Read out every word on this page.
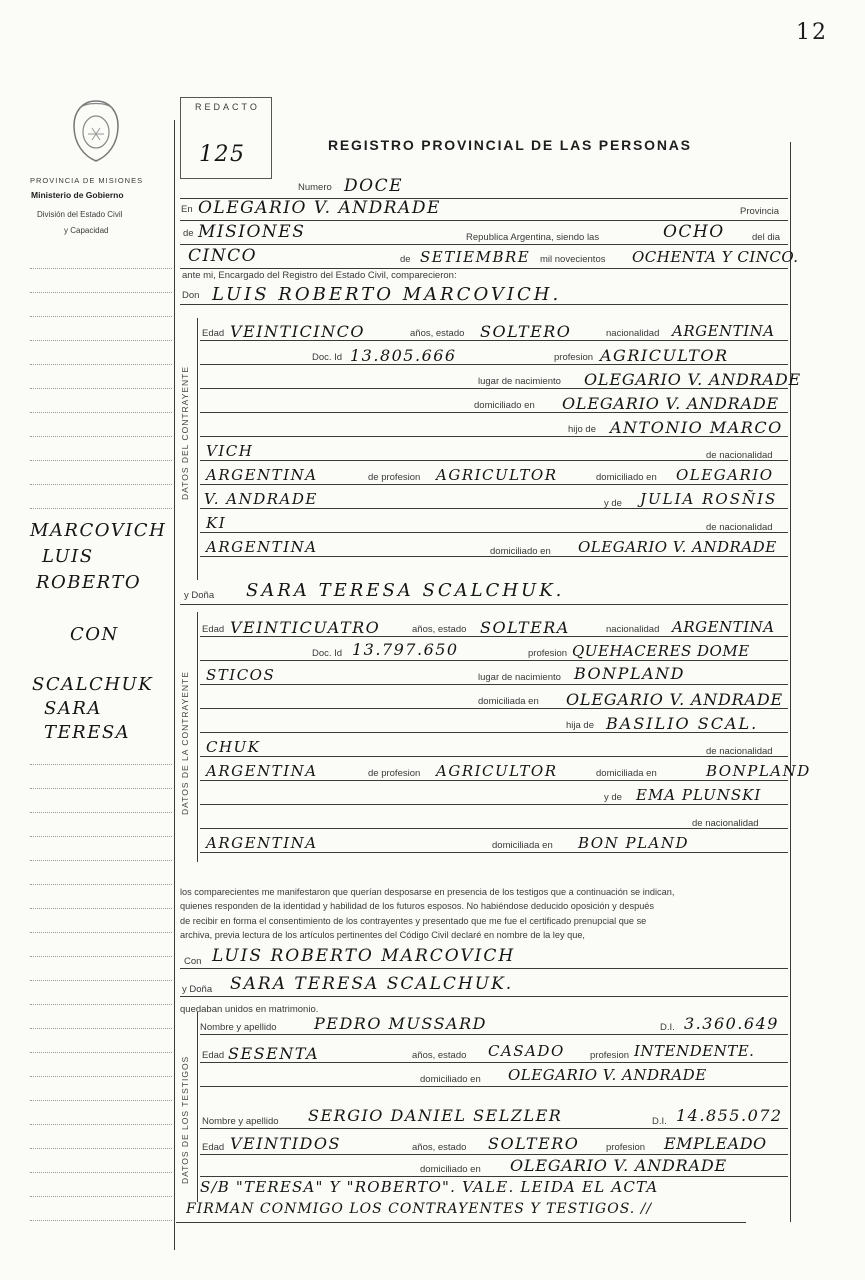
12
PROVINCIA DE MISIONES
Ministerio de Gobierno
División del Estado Civil
y Capacidad
REDACTO
125	REGISTRO PROVINCIAL DE LAS PERSONAS
DATOS DEL CONTRAYENTE
DATOS DE LA CONTRAYENTE
DATOS DE LOS TESTIGOS
MARCOVICH
LUIS
ROBERTO
CON
SCALCHUK
SARA
TERESA
Numero DOCE
En OLEGARIO V. ANDRADE	Provincia
de MISIONES	Republica Argentina, siendo las	OCHO	del dia
CINCO	de SETIEMBRE mil novecientos OCHENTA Y CINCO.
ante mi, Encargado del Registro del Estado Civil, comparecieron:
Don LUIS ROBERTO MARCOVICH.
Edad VEINTICINCO	años, estado SOLTERO	nacionalidad ARGENTINA
Doc. Id 13.805.666	profesion AGRICULTOR
lugar de nacimiento OLEGARIO V. ANDRADE
domiciliado en OLEGARIO V. ANDRADE
hijo de ANTONIO MARCO
VICH	de nacionalidad
ARGENTINA	de profesion AGRICULTOR	domiciliado en OLEGARIO
V. ANDRADE	y de JULIA ROSÑIS
KI	de nacionalidad
ARGENTINA	domiciliado en OLEGARIO V. ANDRADE
y Doña SARA TERESA SCALCHUK.
Edad VEINTICUATRO	años, estado SOLTERA	nacionalidad ARGENTINA
Doc. Id 13.797.650	profesion QUEHACERES DOME
STICOS	lugar de nacimiento BONPLAND
domiciliada en OLEGARIO V. ANDRADE
hija de BASILIO SCAL.
CHUK	de nacionalidad
ARGENTINA	de profesion AGRICULTOR	domiciliada en	BONPLAND
y de EMA PLUNSKI
de nacionalidad
ARGENTINA	domiciliada en BON PLAND
los comparecientes me manifestaron que querían desposarse en presencia de los testigos que a continuación se indican,
quienes responden de la identidad y habilidad de los futuros esposos. No habiéndose deducido oposición y después
de recibir en forma el consentimiento de los contrayentes y presentado que me fue el certificado prenupcial que se
archiva, previa lectura de los artículos pertinentes del Código Civil declaré en nombre de la ley que,
Con LUIS ROBERTO MARCOVICH
y Doña SARA TERESA SCALCHUK.
quedaban unidos en matrimonio.
Nombre y apellido PEDRO MUSSARD	D.I. 3.360.649
Edad SESENTA	años, estado CASADO	profesion INTENDENTE.
domiciliado en OLEGARIO V. ANDRADE
Nombre y apellido SERGIO DANIEL SELZLER	D.I. 14.855.072
Edad VEINTIDOS	años, estado SOLTERO	profesion EMPLEADO
domiciliado en OLEGARIO V. ANDRADE
S/B "TERESA" Y "ROBERTO". VALE. LEIDA EL ACTA
FIRMAN CONMIGO LOS CONTRAYENTES Y TESTIGOS. //
